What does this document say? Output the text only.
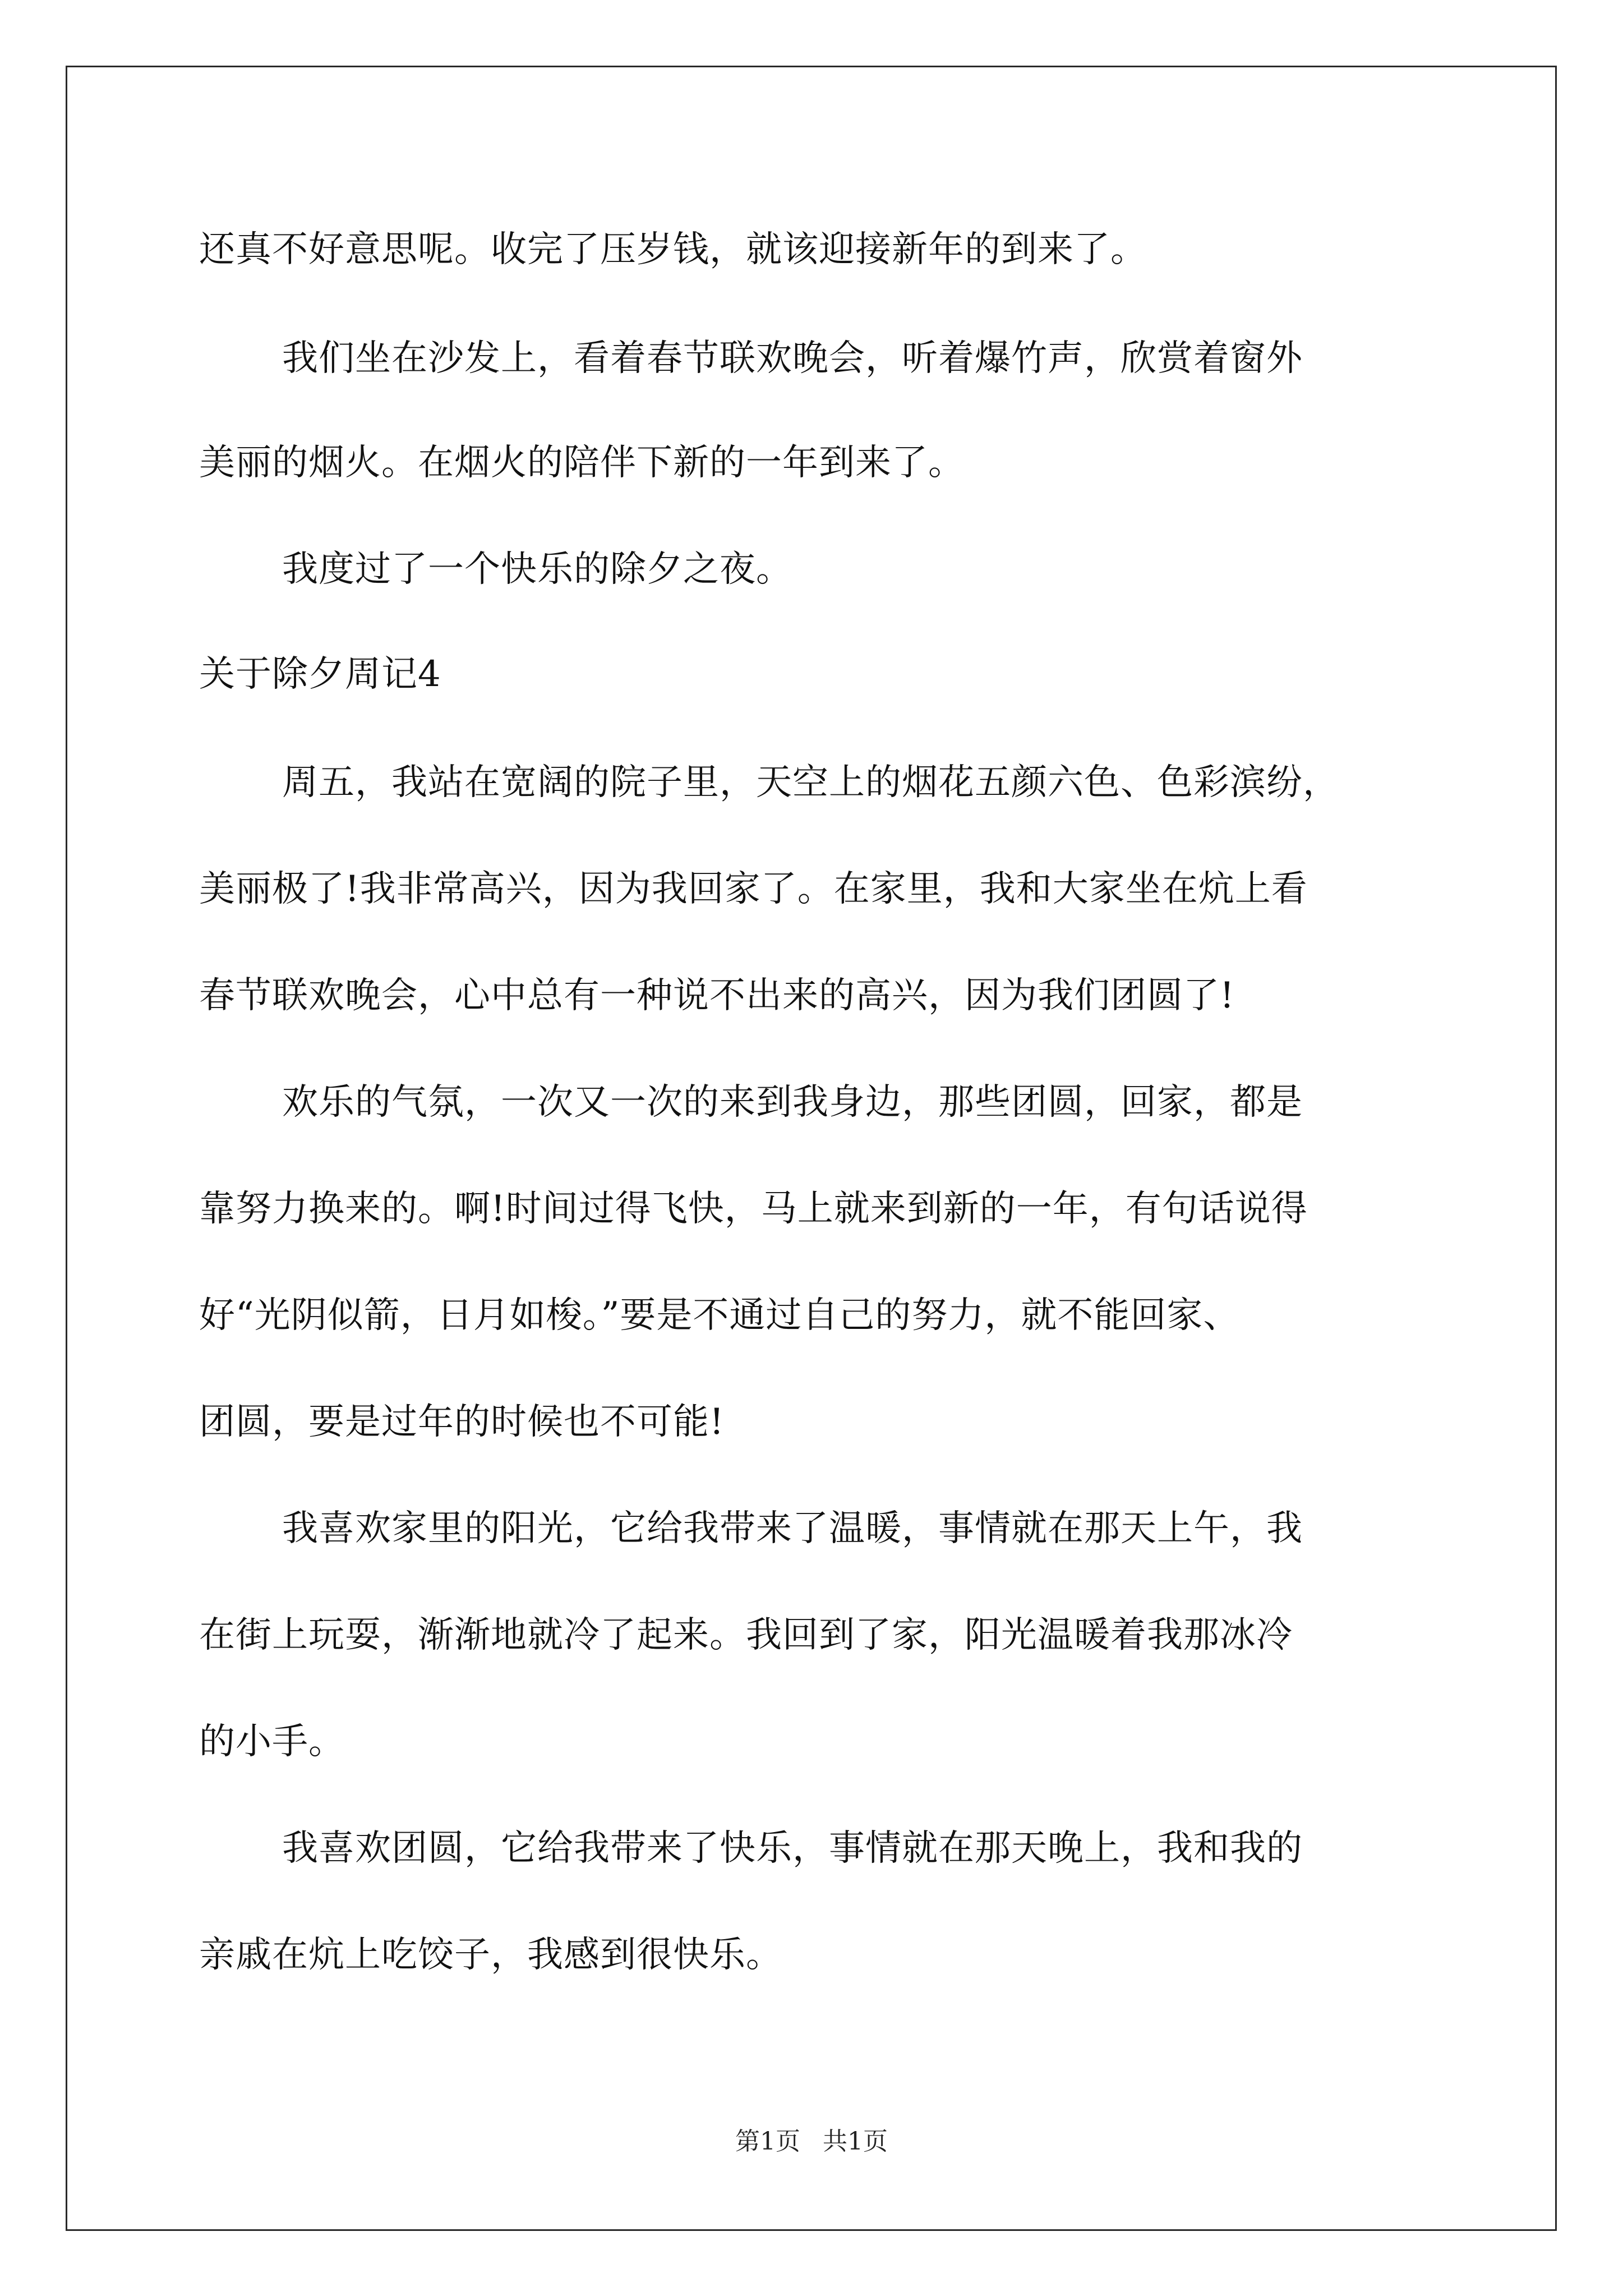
还真不好意思呢。收完了压岁钱，就该迎接新年的到来了。
我们坐在沙发上，看着春节联欢晚会，听着爆竹声，欣赏着窗外
美丽的烟火。在烟火的陪伴下新的一年到来了。
我度过了一个快乐的除夕之夜。
关于除夕周记4
周五，我站在宽阔的院子里，天空上的烟花五颜六色、色彩滨纷，
美丽极了!我非常高兴，因为我回家了。在家里，我和大家坐在炕上看
春节联欢晚会，心中总有一种说不出来的高兴，因为我们团圆了!
欢乐的气氛，一次又一次的来到我身边，那些团圆，回家，都是
靠努力换来的。啊!时间过得飞快，马上就来到新的一年，有句话说得
好“光阴似箭，日月如梭。”要是不通过自己的努力，就不能回家、
团圆，要是过年的时候也不可能!
我喜欢家里的阳光，它给我带来了温暖，事情就在那天上午，我
在街上玩耍，渐渐地就冷了起来。我回到了家，阳光温暖着我那冰冷
的小手。
我喜欢团圆，它给我带来了快乐，事情就在那天晚上，我和我的
亲戚在炕上吃饺子，我感到很快乐。
第1页 共1页
